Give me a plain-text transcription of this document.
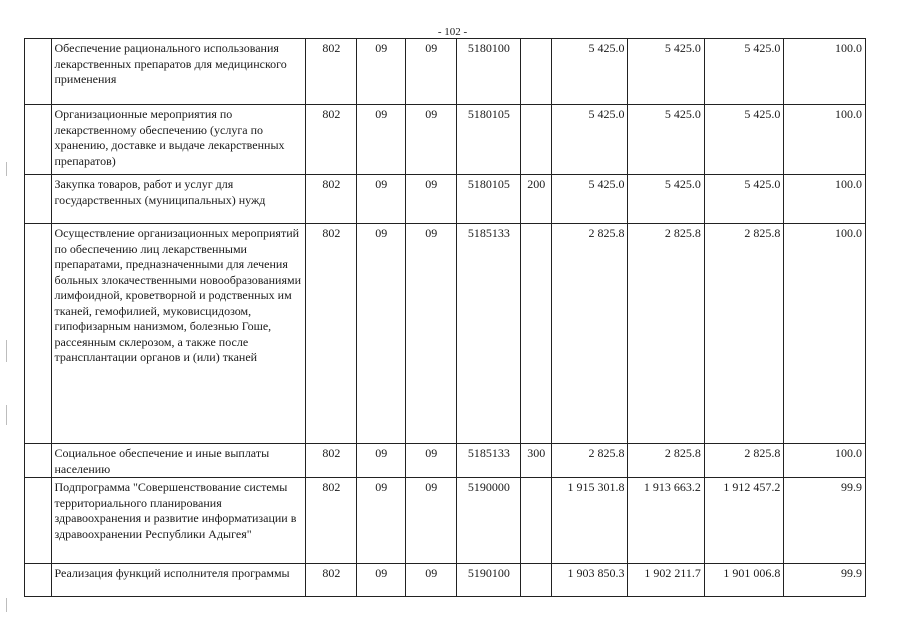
- 102 -
	Обеспечение рационального использования лекарственных препаратов для медицинского применения	802	09	09	5180100		5 425.0	5 425.0	5 425.0	100.0
	Организационные мероприятия по лекарственному обеспечению (услуга по хранению, доставке и выдаче лекарственных препаратов)	802	09	09	5180105		5 425.0	5 425.0	5 425.0	100.0
	Закупка товаров, работ и услуг для государственных (муниципальных) нужд	802	09	09	5180105	200	5 425.0	5 425.0	5 425.0	100.0
	Осуществление организационных мероприятий по обеспечению лиц лекарственными препаратами, предназначенными для лечения больных злокачественными новообразованиями лимфоидной, кроветворной и родственных им тканей, гемофилией, муковисцидозом, гипофизарным нанизмом, болезнью Гоше, рассеянным склерозом, а также после трансплантации органов и (или) тканей	802	09	09	5185133		2 825.8	2 825.8	2 825.8	100.0
	Социальное обеспечение и иные выплаты населению	802	09	09	5185133	300	2 825.8	2 825.8	2 825.8	100.0
	Подпрограмма "Совершенствование системы территориального планирования здравоохранения и развитие информатизации в здравоохранении Республики Адыгея"	802	09	09	5190000		1 915 301.8	1 913 663.2	1 912 457.2	99.9
	Реализация функций исполнителя программы	802	09	09	5190100		1 903 850.3	1 902 211.7	1 901 006.8	99.9
